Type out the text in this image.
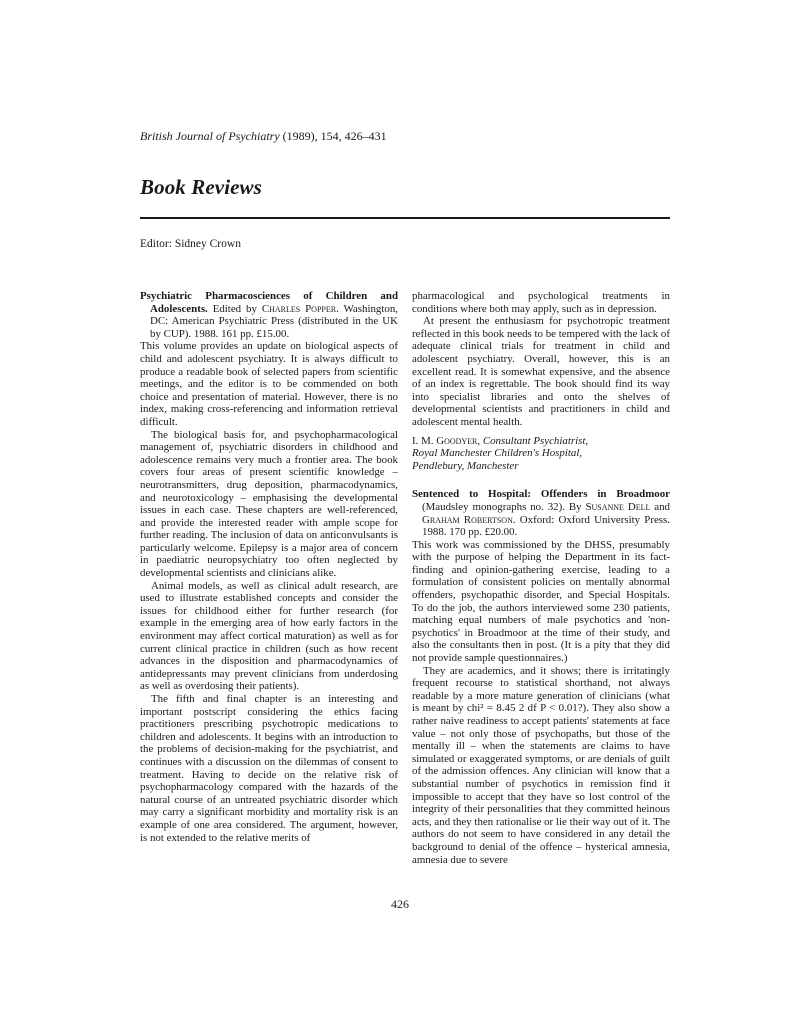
British Journal of Psychiatry (1989), 154, 426–431
Book Reviews
Editor: Sidney Crown

Psychiatric Pharmacosciences of Children and Adolescents. Edited by Charles Popper. Washington, DC: American Psychiatric Press (distributed in the UK by CUP). 1988. 161 pp. £15.00.

This volume provides an update on biological aspects of child and adolescent psychiatry. It is always difficult to produce a readable book of selected papers from scientific meetings, and the editor is to be commended on both choice and presentation of material. However, there is no index, making cross-referencing and information retrieval difficult.

The biological basis for, and psychopharmacological management of, psychiatric disorders in childhood and adolescence remains very much a frontier area. The book covers four areas of present scientific knowledge – neurotransmitters, drug deposition, pharmacodynamics, and neurotoxicology – emphasising the developmental issues in each case. These chapters are well-referenced, and provide the interested reader with ample scope for further reading. The inclusion of data on anticonvulsants is particularly welcome. Epilepsy is a major area of concern in paediatric neuropsychiatry too often neglected by developmental scientists and clinicians alike.

Animal models, as well as clinical adult research, are used to illustrate established concepts and consider the issues for childhood either for further research (for example in the emerging area of how early factors in the environment may affect cortical maturation) as well as for current clinical practice in children (such as how recent advances in the disposition and pharmacodynamics of antidepressants may prevent clinicians from underdosing as well as overdosing their patients).

The fifth and final chapter is an interesting and important postscript considering the ethics facing practitioners prescribing psychotropic medications to children and adolescents. It begins with an introduction to the problems of decision-making for the psychiatrist, and continues with a discussion on the dilemmas of consent to treatment. Having to decide on the relative risk of psychopharmacology compared with the hazards of the natural course of an untreated psychiatric disorder which may carry a significant morbidity and mortality risk is an example of one area considered. The argument, however, is not extended to the relative merits of

pharmacological and psychological treatments in conditions where both may apply, such as in depression.

At present the enthusiasm for psychotropic treatment reflected in this book needs to be tempered with the lack of adequate clinical trials for treatment in child and adolescent psychiatry. Overall, however, this is an excellent read. It is somewhat expensive, and the absence of an index is regrettable. The book should find its way into specialist libraries and onto the shelves of developmental scientists and practitioners in child and adolescent mental health.

I. M. Goodyer, Consultant Psychiatrist,
Royal Manchester Children's Hospital,
Pendlebury, Manchester

Sentenced to Hospital: Offenders in Broadmoor (Maudsley monographs no. 32). By Susanne Dell and Graham Robertson. Oxford: Oxford University Press. 1988. 170 pp. £20.00.

This work was commissioned by the DHSS, presumably with the purpose of helping the Department in its fact-finding and opinion-gathering exercise, leading to a formulation of consistent policies on mentally abnormal offenders, psychopathic disorder, and Special Hospitals. To do the job, the authors interviewed some 230 patients, matching equal numbers of male psychotics and 'non-psychotics' in Broadmoor at the time of their study, and also the consultants then in post. (It is a pity that they did not provide sample questionnaires.)

They are academics, and it shows; there is irritatingly frequent recourse to statistical shorthand, not always readable by a more mature generation of clinicians (what is meant by chi² = 8.45 2 df P < 0.01?). They also show a rather naive readiness to accept patients' statements at face value – not only those of psychopaths, but those of the mentally ill – when the statements are claims to have simulated or exaggerated symptoms, or are denials of guilt of the admission offences. Any clinician will know that a substantial number of psychotics in remission find it impossible to accept that they have so lost control of the integrity of their personalities that they committed heinous acts, and they then rationalise or lie their way out of it. The authors do not seem to have considered in any detail the background to denial of the offence – hysterical amnesia, amnesia due to severe

426
